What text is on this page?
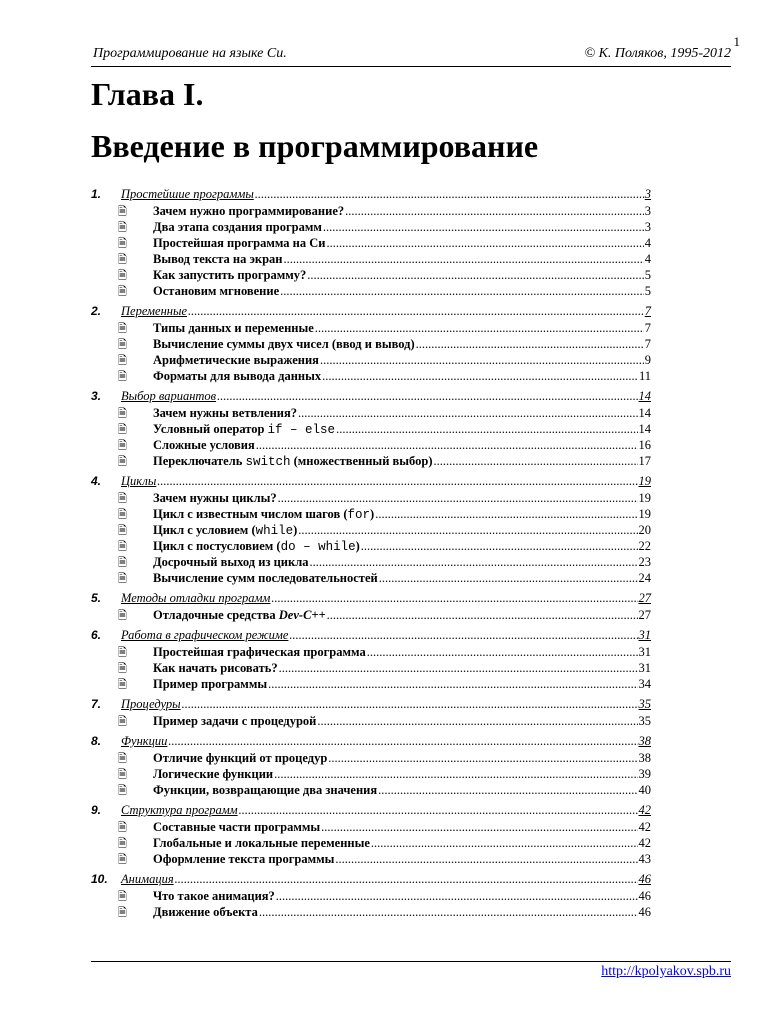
1
Программирование на языке Си.	© К. Поляков, 1995-2012
Глава I.
Введение в программирование
1.	Простейшие программы .....	3
🗎	Зачем нужно программирование? .....	3
🗎	Два этапа создания программ .....	3
🗎	Простейшая программа на Си .....	4
🗎	Вывод текста на экран .....	4
🗎	Как запустить программу? .....	5
🗎	Остановим мгновение .....	5
2.	Переменные .....	7
🗎	Типы данных и переменные .....	7
🗎	Вычисление суммы двух чисел (ввод и вывод) .....	7
🗎	Арифметические выражения .....	9
🗎	Форматы для вывода данных .....	11
3.	Выбор вариантов .....	14
🗎	Зачем нужны ветвления? .....	14
🗎	Условный оператор if – else .....	14
🗎	Сложные условия .....	16
🗎	Переключатель switch (множественный выбор) .....	17
4.	Циклы .....	19
🗎	Зачем нужны циклы? .....	19
🗎	Цикл с известным числом шагов (for) .....	19
🗎	Цикл с условием (while) .....	20
🗎	Цикл с постусловием (do – while) .....	22
🗎	Досрочный выход из цикла .....	23
🗎	Вычисление сумм последовательностей .....	24
5.	Методы отладки программ .....	27
🗎	Отладочные средства Dev-C++ .....	27
6.	Работа в графическом режиме .....	31
🗎	Простейшая графическая программа .....	31
🗎	Как начать рисовать? .....	31
🗎	Пример программы .....	34
7.	Процедуры .....	35
🗎	Пример задачи с процедурой .....	35
8.	Функции .....	38
🗎	Отличие функций от процедур .....	38
🗎	Логические функции .....	39
🗎	Функции, возвращающие два значения .....	40
9.	Структура программ .....	42
🗎	Составные части программы .....	42
🗎	Глобальные и локальные переменные .....	42
🗎	Оформление текста программы .....	43
10.	Анимация .....	46
🗎	Что такое анимация? .....	46
🗎	Движение объекта .....	46
http://kpolyakov.spb.ru
